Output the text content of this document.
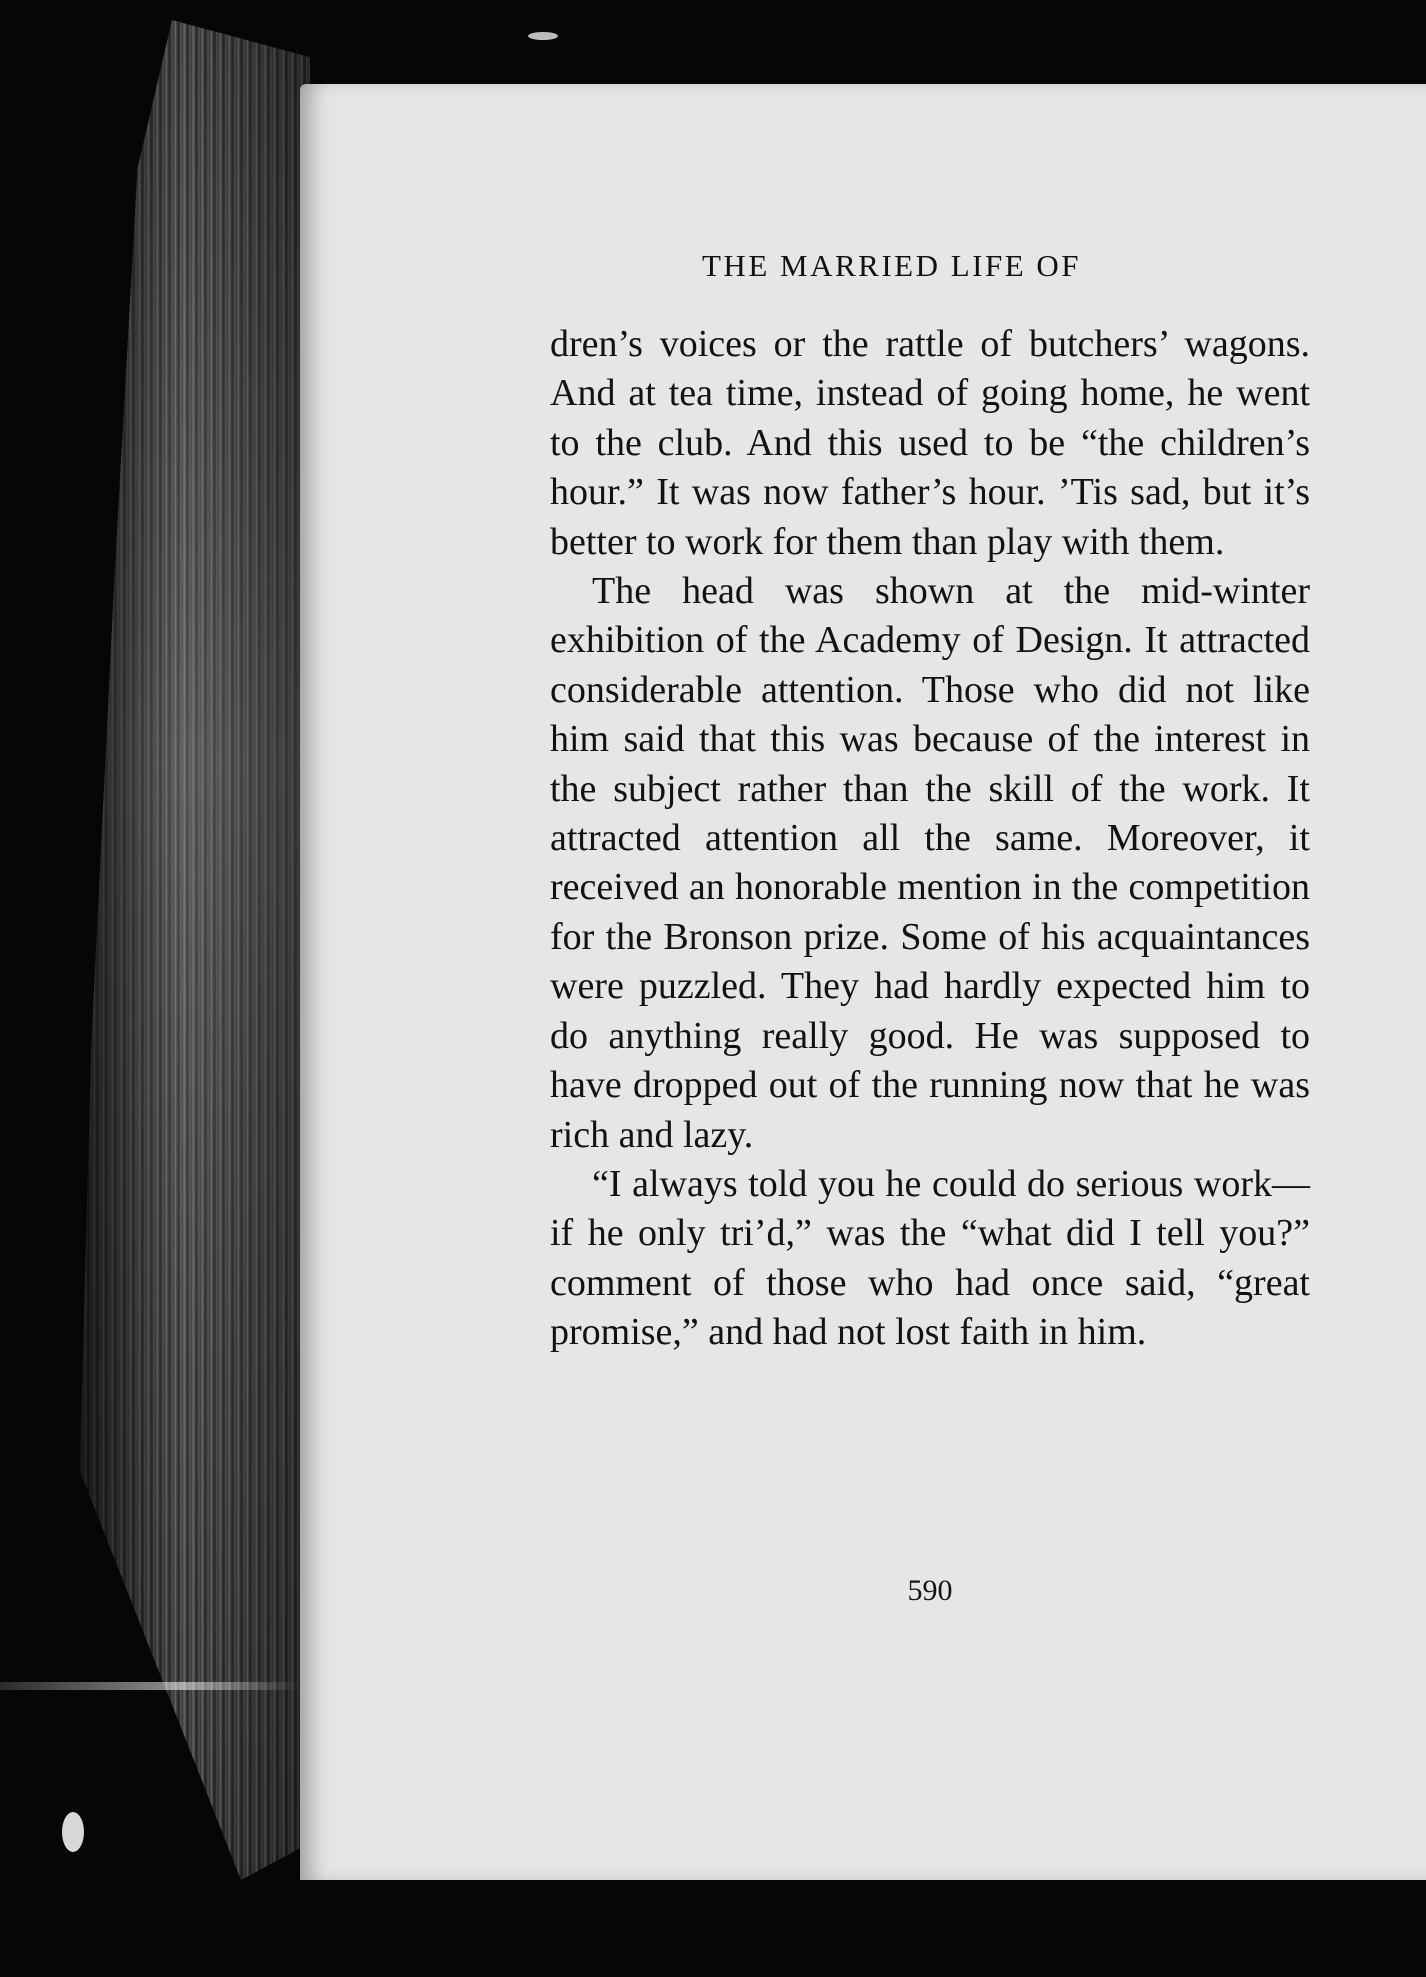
THE MARRIED LIFE OF

dren’s voices or the rattle of butchers’ wagons. And at tea time, instead of going home, he went to the club. And this used to be “the children’s hour.” It was now father’s hour. ’Tis sad, but it’s better to work for them than play with them.

The head was shown at the mid-winter exhibition of the Academy of Design. It attracted considerable attention. Those who did not like him said that this was because of the interest in the subject rather than the skill of the work. It attracted attention all the same. Moreover, it received an honorable mention in the competition for the Bronson prize. Some of his acquaintances were puzzled. They had hardly expected him to do anything really good. He was supposed to have dropped out of the running now that he was rich and lazy.

“I always told you he could do serious work—if he only tri’d,” was the “what did I tell you?” comment of those who had once said, “great promise,” and had not lost faith in him.

590
